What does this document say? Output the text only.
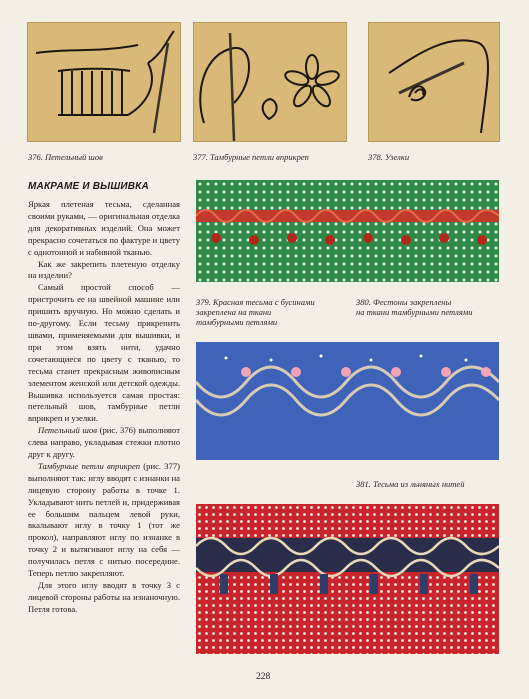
376. Петельный шов	377. Тамбурные петли вприкреп	378. Узелки
МАКРАМЕ И ВЫШИВКА

Яркая плетеная тесьма, сделанная своими руками, — оригинальная отделка для декоративных изделий. Она может прекрасно сочетаться по фактуре и цвету с однотонной и набивной тканью.

Как же закрепить плетеную отделку на изделии?

Самый простой способ — пристрочить ее на швейной машине или пришить вручную. Но можно сделать и по-другому. Если тесьму прикрепить швами, применяемыми для вышивки, и при этом взять нити, удачно сочетающиеся по цвету с тканью, то тесьма станет прекрасным живописным элементом женской или детской одежды. Вышивка используется самая простая: петельный шов, тамбурные петли вприкреп и узелки.

Петельный шов (рис. 376) выполняют слева направо, укладывая стежки плотно друг к другу.

Тамбурные петли вприкреп (рис. 377) выполняют так: иглу вводят с изнанки на лицевую сторону работы в точке 1. Укладывают нить петлей и, придерживая ее большим пальцем левой руки, вкалывают иглу в точку 1 (тот же прокол), направляют иглу по изнанке в точку 2 и вытягивают иглу на себя — получилась петля с нитью посередине. Теперь петлю закрепляют.

Для этого иглу вводят в точку 3 с лицевой стороны работы на изнаночную. Петля готова.

379. Красная тесьма с бусинами
закреплена на ткани
тамбурными петлями
380. Фестоны закреплены
на ткани тамбурными петлями
381. Тесьма из льняных нитей
228
